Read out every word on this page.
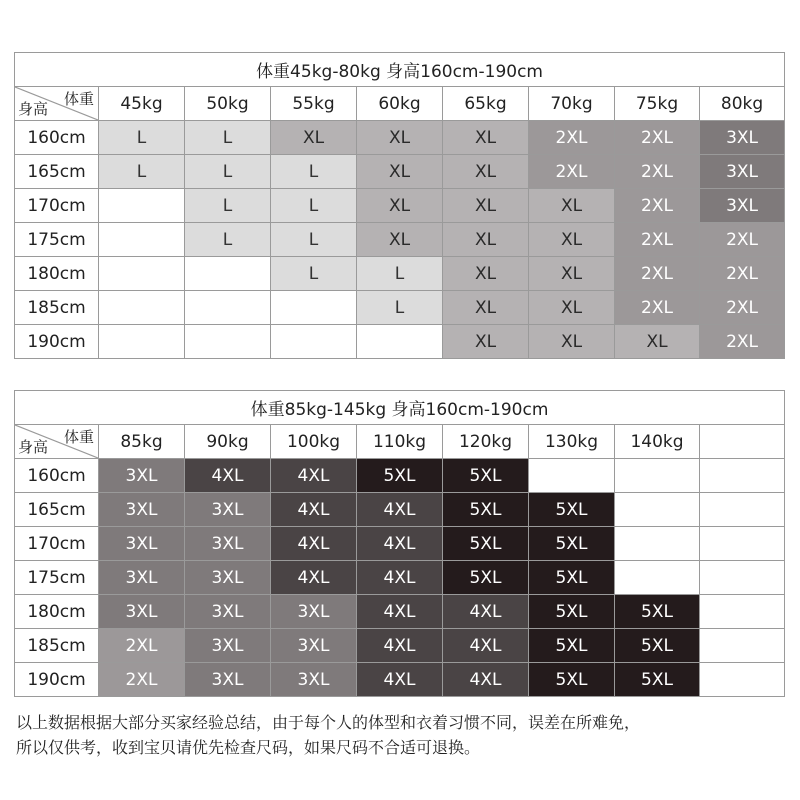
体重45kg-80kg 身高160cm-190cm								

体重
身高	45kg	50kg	55kg	60kg	65kg	70kg	75kg	80kg
160cm	L	L	XL	XL	XL	2XL	2XL	3XL
165cm	L	L	L	XL	XL	2XL	2XL	3XL
170cm		L	L	XL	XL	XL	2XL	3XL
175cm		L	L	XL	XL	XL	2XL	2XL
180cm			L	L	XL	XL	2XL	2XL
185cm				L	XL	XL	2XL	2XL
190cm					XL	XL	XL	2XL
体重85kg-145kg 身高160cm-190cm								

体重
身高	85kg	90kg	100kg	110kg	120kg	130kg	140kg	
160cm	3XL	4XL	4XL	5XL	5XL			
165cm	3XL	3XL	4XL	4XL	5XL	5XL		
170cm	3XL	3XL	4XL	4XL	5XL	5XL		
175cm	3XL	3XL	4XL	4XL	5XL	5XL		
180cm	3XL	3XL	3XL	4XL	4XL	5XL	5XL	
185cm	2XL	3XL	3XL	4XL	4XL	5XL	5XL	
190cm	2XL	3XL	3XL	4XL	4XL	5XL	5XL	
以上数据根据大部分买家经验总结，由于每个人的体型和衣着习惯不同，误差在所难免，
所以仅供考，收到宝贝请优先检查尺码，如果尺码不合适可退换。
